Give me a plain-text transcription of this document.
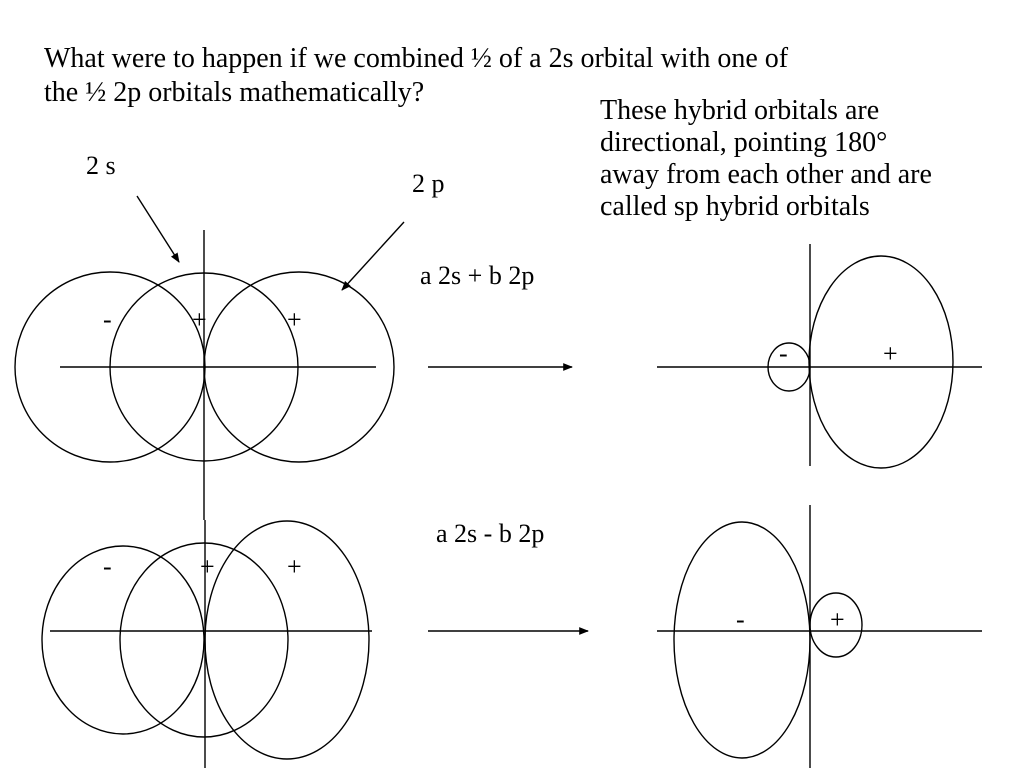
What were to happen if we combined ½ of a 2s orbital with one of
the ½ 2p orbitals mathematically?
These hybrid orbitals are
directional, pointing 180°
away from each other and are
called sp hybrid orbitals
-	+	+
2 s
2 p
a 2s + b 2p
a 2s - b 2p
-	+
-	+	+
-	+
